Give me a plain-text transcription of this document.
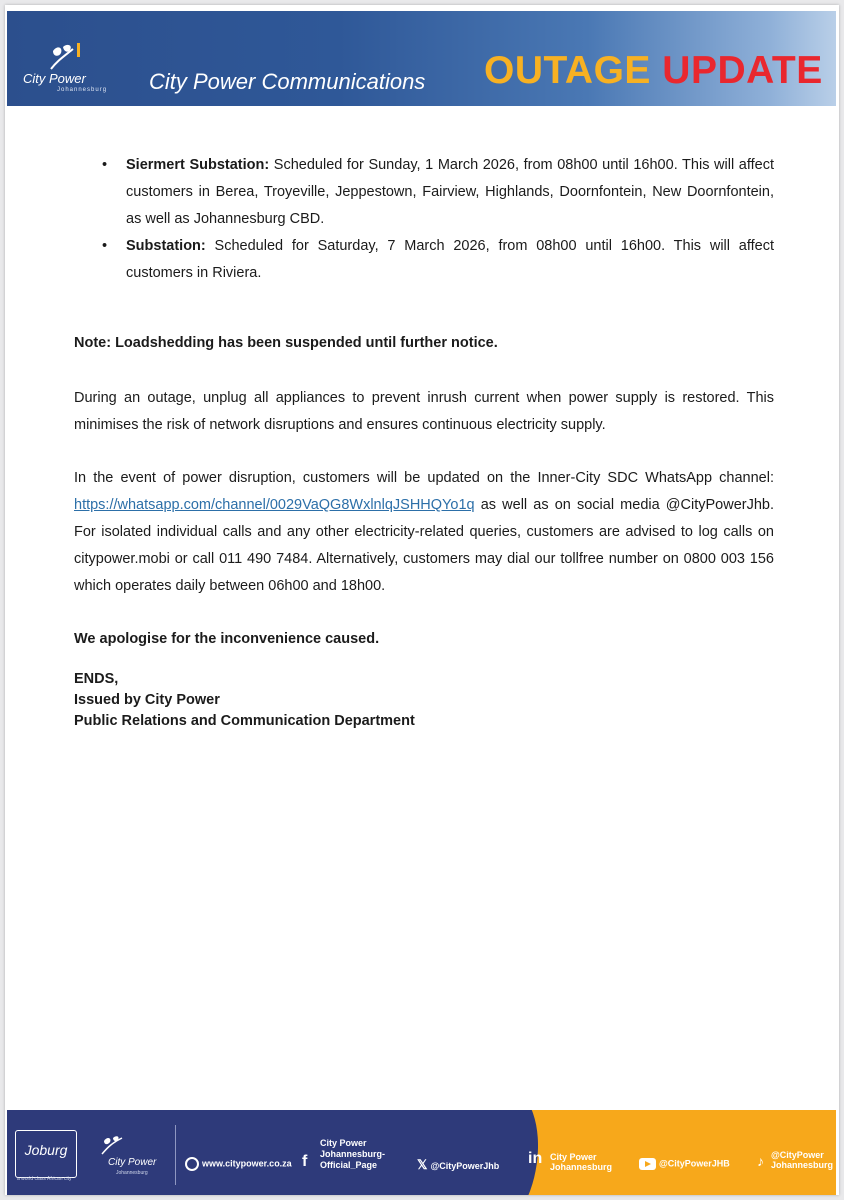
City Power
Johannesburg City Power Communications OUTAGE UPDATE
• Siermert Substation: Scheduled for Sunday, 1 March 2026, from 08h00 until 16h00. This will affect customers in Berea, Troyeville, Jeppestown, Fairview, Highlands, Doornfontein, New Doornfontein, as well as Johannesburg CBD.
• Substation: Scheduled for Saturday, 7 March 2026, from 08h00 until 16h00. This will affect customers in Riviera.

Note: Loadshedding has been suspended until further notice.

During an outage, unplug all appliances to prevent inrush current when power supply is restored. This minimises the risk of network disruptions and ensures continuous electricity supply.

In the event of power disruption, customers will be updated on the Inner-City SDC WhatsApp channel: https://whatsapp.com/channel/0029VaQG8WxlnlqJSHHQYo1q as well as on social media @CityPowerJhb. For isolated individual calls and any other electricity-related queries, customers are advised to log calls on citypower.mobi or call 011 490 7484. Alternatively, customers may dial our tollfree number on 0800 003 156 which operates daily between 06h00 and 18h00.

We apologise for the inconvenience caused.

ENDS,
Issued by City Power
Public Relations and Communication Department
Joburg
a world class African city
City Power
Johannesburg
www.citypower.co.za f
City Power
Johannesburg-
Official_Page	𝕏 @CityPowerJhb in City Power
Johannesburg	@CityPowerJHB ♪ @CityPower
Johannesburg
